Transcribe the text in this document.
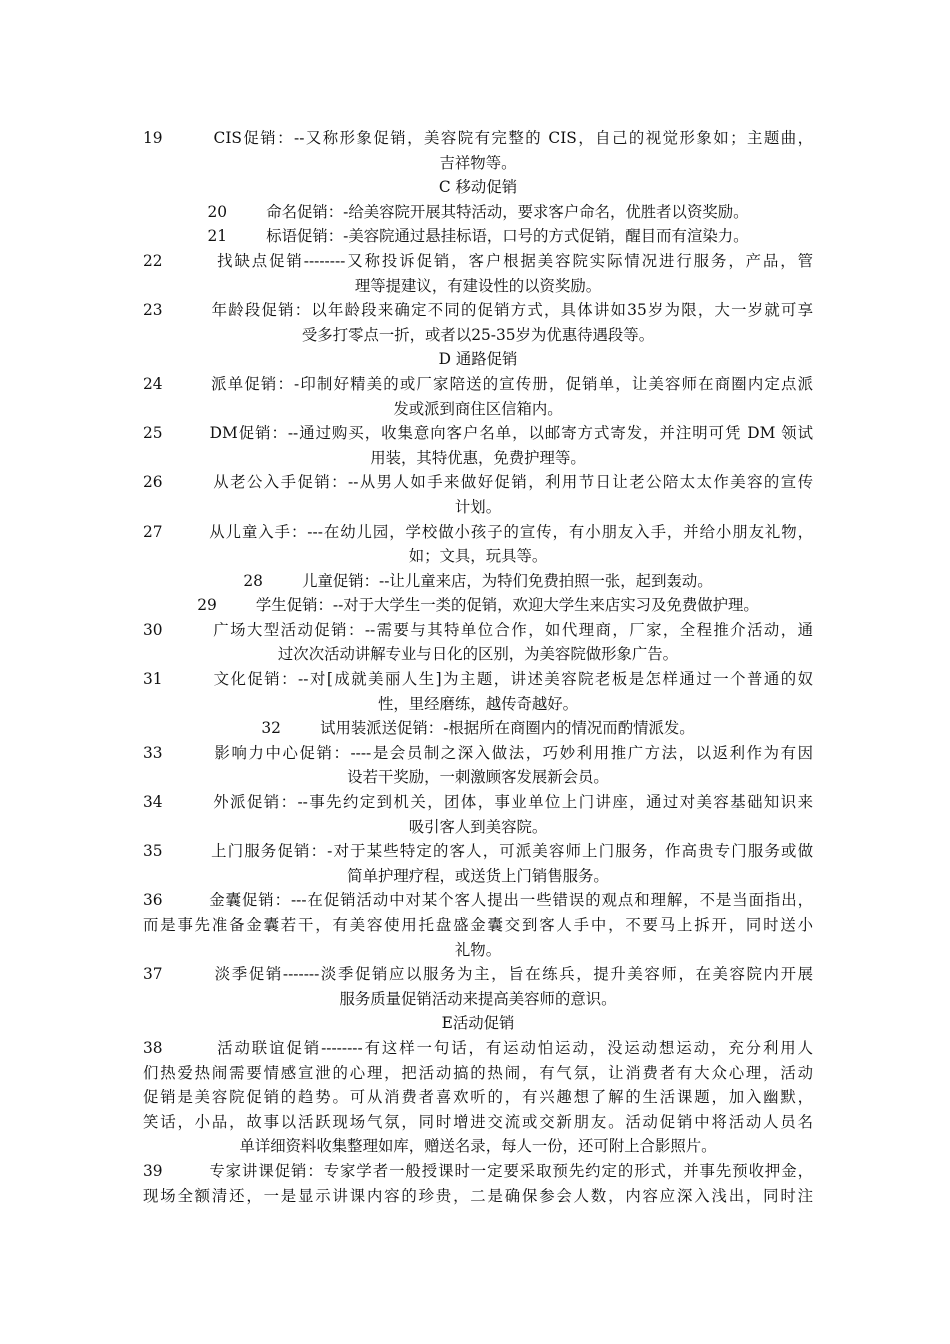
19        CIS促销：--又称形象促销，美容院有完整的 CIS，自己的视觉形象如；主题曲，
吉祥物等。
C 移动促销
20        命名促销：-给美容院开展其特活动，要求客户命名，优胜者以资奖励。
21        标语促销：-美容院通过悬挂标语，口号的方式促销，醒目而有渲染力。
22        找缺点促销--------又称投诉促销，客户根据美容院实际情况进行服务，产品，管
理等提建议，有建设性的以资奖励。
23        年龄段促销：以年龄段来确定不同的促销方式，具体讲如35岁为限，大一岁就可享
受多打零点一折，或者以25-35岁为优惠待遇段等。
D 通路促销
24        派单促销：-印制好精美的或厂家陪送的宣传册，促销单，让美容师在商圈内定点派
发或派到商住区信箱内。
25        DM促销：--通过购买，收集意向客户名单，以邮寄方式寄发，并注明可凭 DM 领试
用装，其特优惠，免费护理等。
26        从老公入手促销：--从男人如手来做好促销，利用节日让老公陪太太作美容的宣传
计划。
27        从儿童入手：---在幼儿园，学校做小孩子的宣传，有小朋友入手，并给小朋友礼物，
如；文具，玩具等。
28        儿童促销：--让儿童来店，为特们免费拍照一张，起到轰动。
29        学生促销：--对于大学生一类的促销，欢迎大学生来店实习及免费做护理。
30        广场大型活动促销：--需要与其特单位合作，如代理商，厂家，全程推介活动，通
过次次活动讲解专业与日化的区别，为美容院做形象广告。
31        文化促销：--对[成就美丽人生]为主题，讲述美容院老板是怎样通过一个普通的奴
性，里经磨练，越传奇越好。
32        试用装派送促销：-根据所在商圈内的情况而酌情派发。
33        影响力中心促销：----是会员制之深入做法，巧妙利用推广方法，以返利作为有因
设若干奖励，一刺激顾客发展新会员。
34        外派促销：--事先约定到机关，团体，事业单位上门讲座，通过对美容基础知识来
吸引客人到美容院。
35        上门服务促销：-对于某些特定的客人，可派美容师上门服务，作高贵专门服务或做
简单护理疗程，或送货上门销售服务。
36        金囊促销：---在促销活动中对某个客人提出一些错误的观点和理解，不是当面指出，
而是事先准备金囊若干，有美容使用托盘盛金囊交到客人手中，不要马上拆开，同时送小
礼物。
37        淡季促销-------淡季促销应以服务为主，旨在练兵，提升美容师，在美容院内开展
服务质量促销活动来提高美容师的意识。
E活动促销
38        活动联谊促销--------有这样一句话，有运动怕运动，没运动想运动，充分利用人
们热爱热闹需要情感宣泄的心理，把活动搞的热闹，有气氛，让消费者有大众心理，活动
促销是美容院促销的趋势。可从消费者喜欢听的，有兴趣想了解的生活课题，加入幽默，
笑话，小品，故事以活跃现场气氛，同时增进交流或交新朋友。活动促销中将活动人员名
单详细资料收集整理如库，赠送名录，每人一份，还可附上合影照片。
39        专家讲课促销：专家学者一般授课时一定要采取预先约定的形式，并事先预收押金，
现场全额清还，一是显示讲课内容的珍贵，二是确保参会人数，内容应深入浅出，同时注
